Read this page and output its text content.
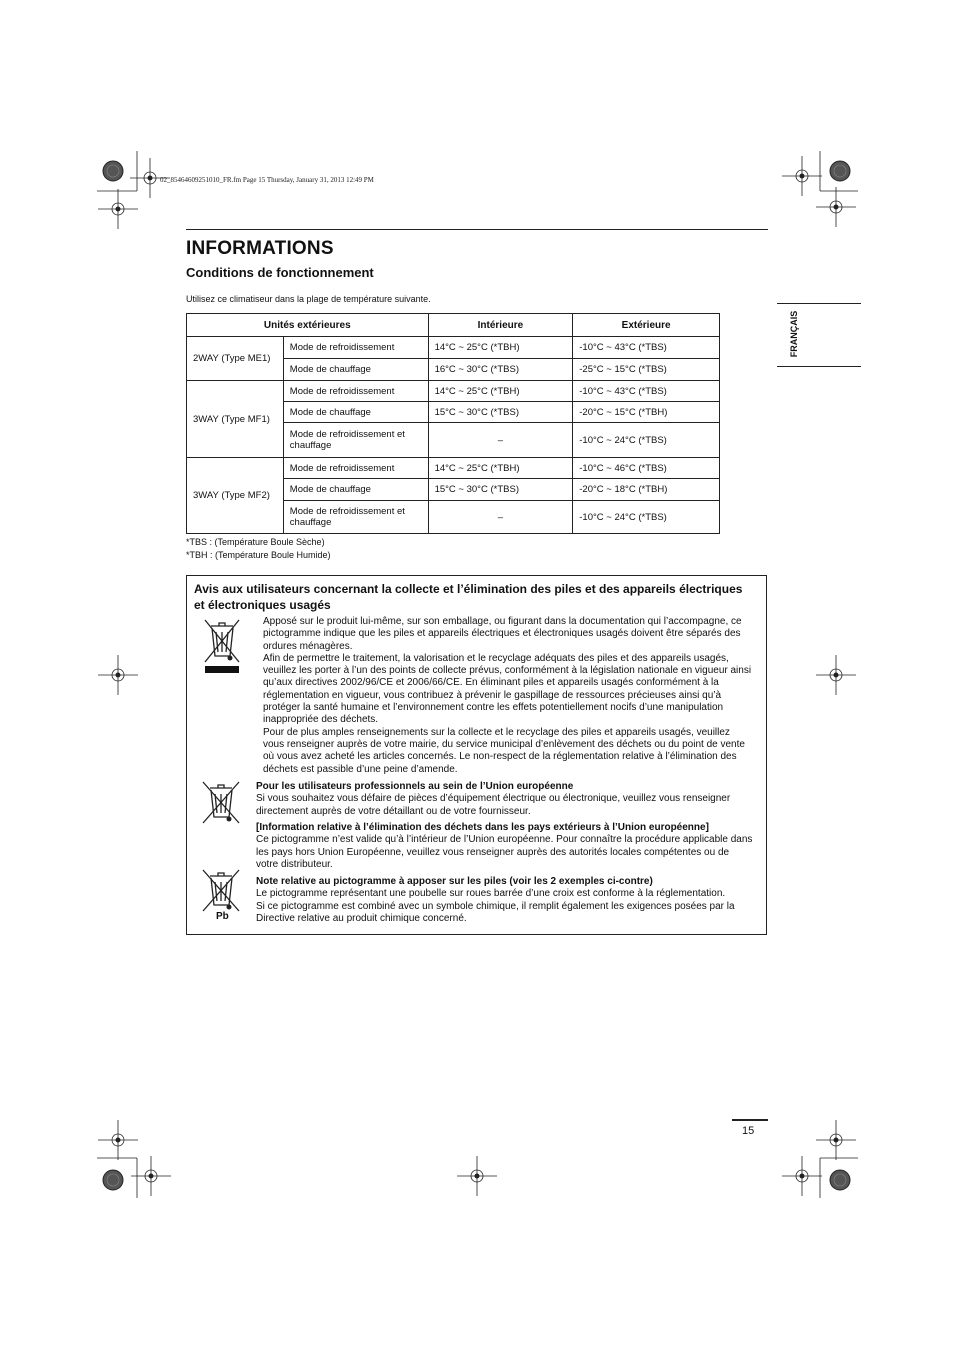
02_85464609251010_FR.fm Page 15 Thursday, January 31, 2013 12:49 PM
INFORMATIONS
Conditions de fonctionnement
Utilisez ce climatiseur dans la plage de température suivante.
Unités extérieures		Intérieure	Extérieure
2WAY (Type ME1)	Mode de refroidissement	14°C ~ 25°C (*TBH)	-10°C ~ 43°C (*TBS)
	Mode de chauffage	16°C ~ 30°C (*TBS)	-25°C ~ 15°C (*TBS)
3WAY (Type MF1)	Mode de refroidissement	14°C ~ 25°C (*TBH)	-10°C ~ 43°C (*TBS)
	Mode de chauffage	15°C ~ 30°C (*TBS)	-20°C ~ 15°C (*TBH)
	Mode de refroidissement et chauffage	–	-10°C ~ 24°C (*TBS)
3WAY (Type MF2)	Mode de refroidissement	14°C ~ 25°C (*TBH)	-10°C ~ 46°C (*TBS)
	Mode de chauffage	15°C ~ 30°C (*TBS)	-20°C ~ 18°C (*TBH)
	Mode de refroidissement et chauffage	–	-10°C ~ 24°C (*TBS)
*TBS : (Température Boule Sèche)
*TBH : (Température Boule Humide)
FRANÇAIS
Avis aux utilisateurs concernant la collecte et l’élimination des piles et des appareils électriques et électroniques usagés
Pb
Apposé sur le produit lui-même, sur son emballage, ou figurant dans la documentation qui l’accompagne, ce pictogramme indique que les piles et appareils électriques et électroniques usagés doivent être séparés des ordures ménagères.
Afin de permettre le traitement, la valorisation et le recyclage adéquats des piles et des appareils usagés, veuillez les porter à l’un des points de collecte prévus, conformément à la législation nationale en vigueur ainsi qu’aux directives 2002/96/CE et 2006/66/CE. En éliminant piles et appareils usagés conformément à la réglementation en vigueur, vous contribuez à prévenir le gaspillage de ressources précieuses ainsi qu’à protéger la santé humaine et l’environnement contre les effets potentiellement nocifs d’une manipulation inappropriée des déchets.
Pour de plus amples renseignements sur la collecte et le recyclage des piles et appareils usagés, veuillez vous renseigner auprès de votre mairie, du service municipal d’enlèvement des déchets ou du point de vente où vous avez acheté les articles concernés. Le non-respect de la réglementation relative à l’élimination des déchets est passible d’une peine d’amende.
Pour les utilisateurs professionnels au sein de l’Union européenne
Si vous souhaitez vous défaire de pièces d’équipement électrique ou électronique, veuillez vous renseigner directement auprès de votre détaillant ou de votre fournisseur.
[Information relative à l’élimination des déchets dans les pays extérieurs à l’Union européenne]
Ce pictogramme n’est valide qu’à l’intérieur de l’Union européenne. Pour connaître la procédure applicable dans les pays hors Union Européenne, veuillez vous renseigner auprès des autorités locales compétentes ou de votre distributeur.
Note relative au pictogramme à apposer sur les piles (voir les 2 exemples ci-contre)
Le pictogramme représentant une poubelle sur roues barrée d’une croix est conforme à la réglementation.
Si ce pictogramme est combiné avec un symbole chimique, il remplit également les exigences posées par la Directive relative au produit chimique concerné.
15
